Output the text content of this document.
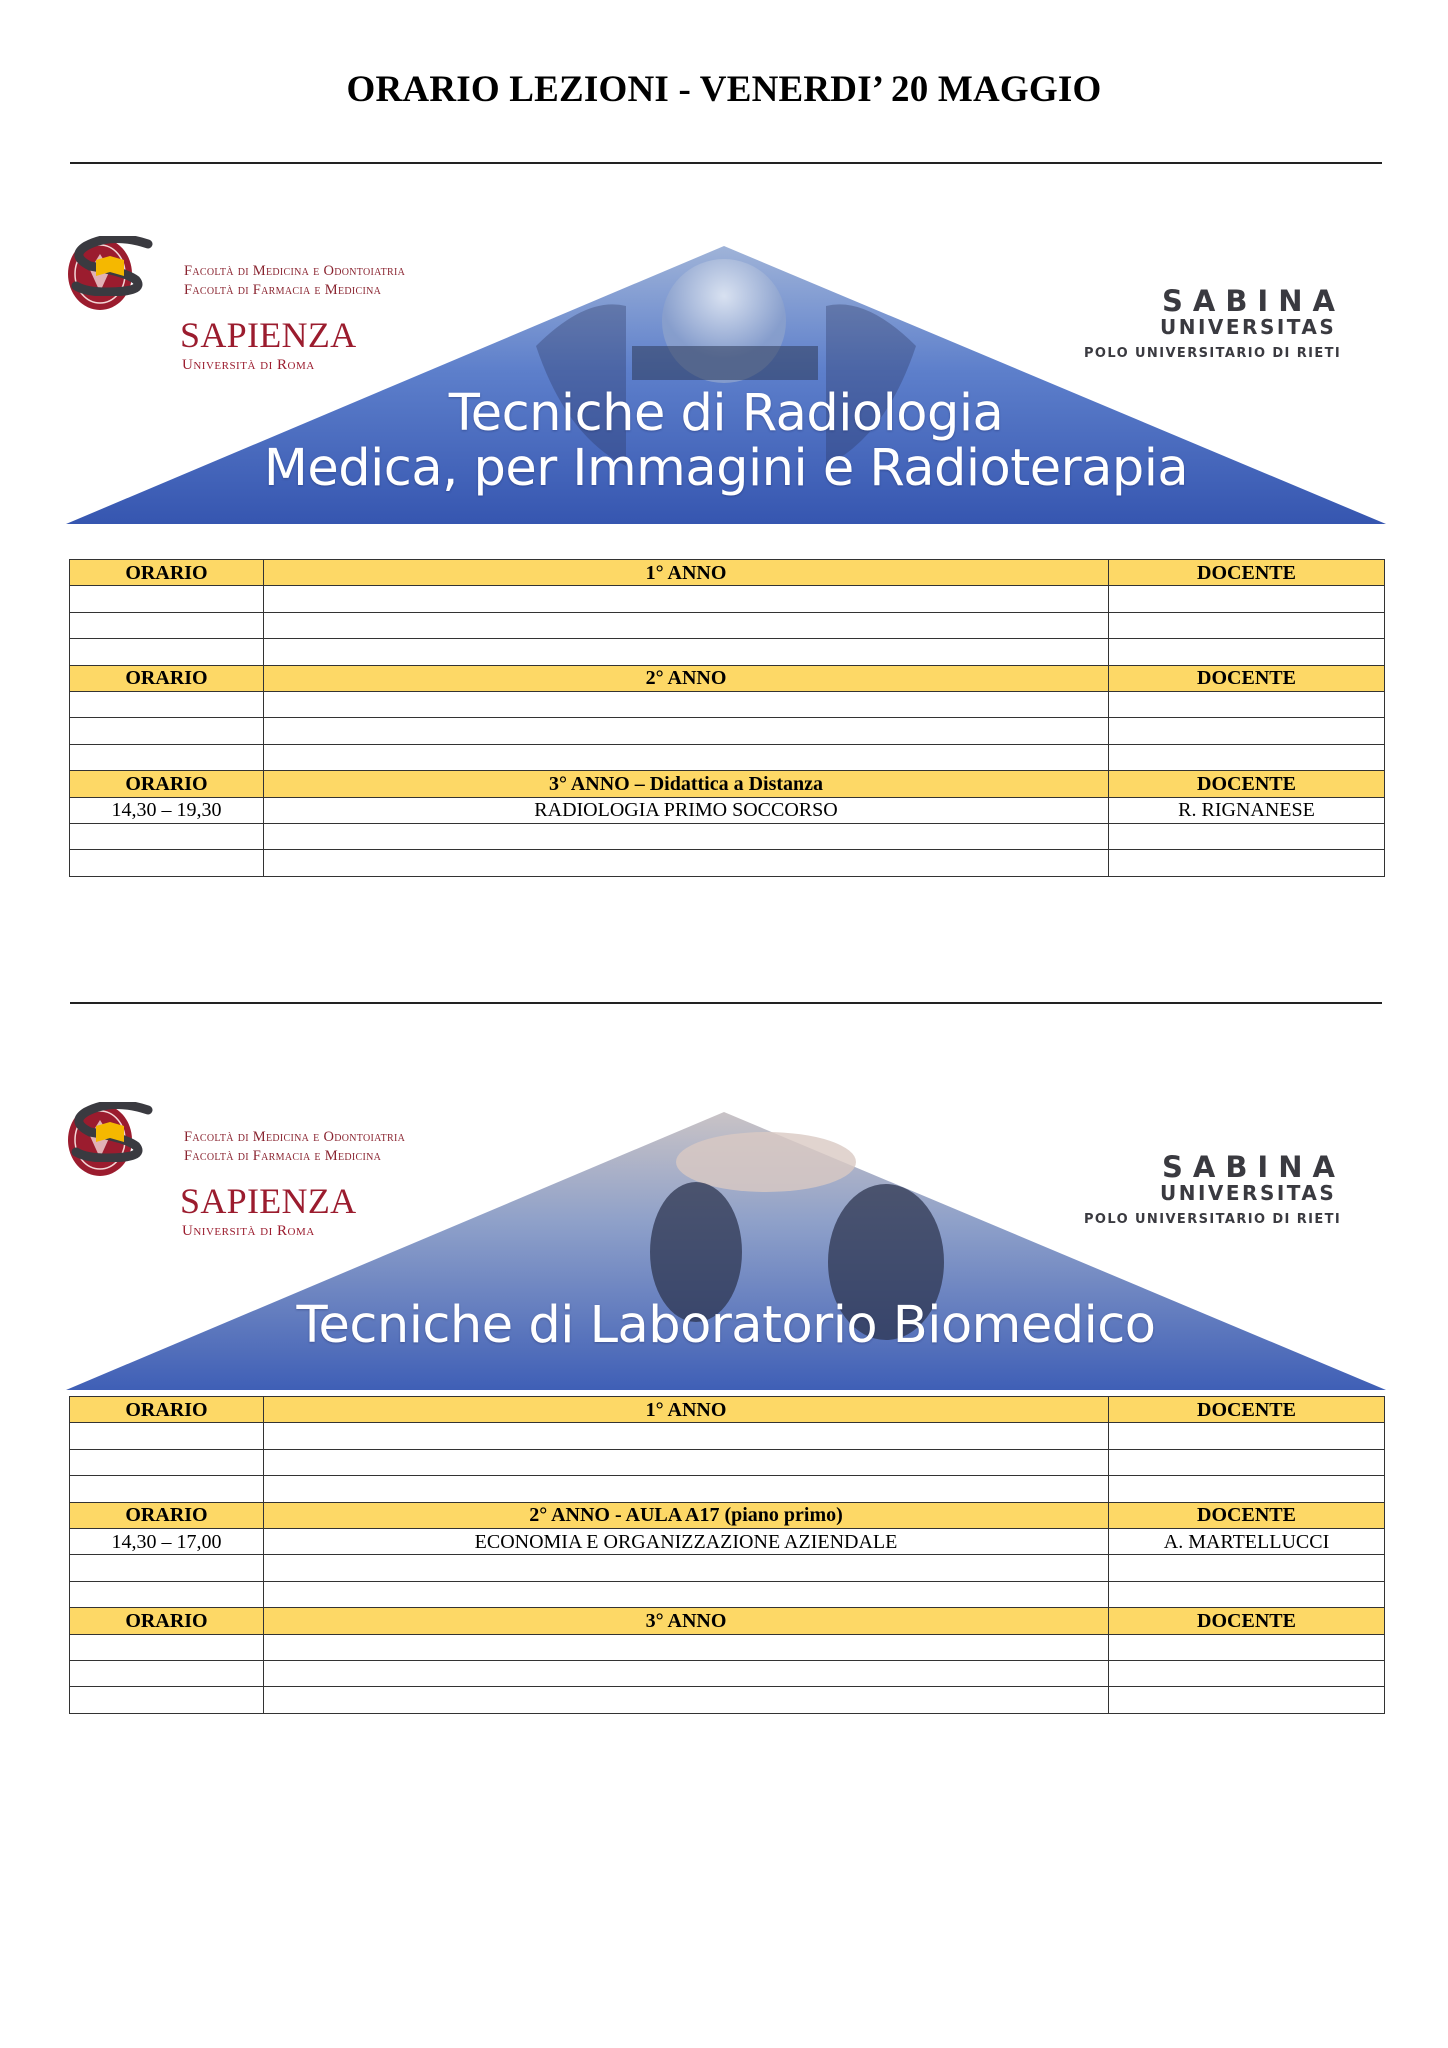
ORARIO LEZIONI - VENERDI’ 20 MAGGIO
Facoltà di Medicina e Odontoiatria
Facoltà di Farmacia e Medicina
SAPIENZA
Università di Roma
SABINA
UNIVERSITAS
POLO UNIVERSITARIO DI RIETI
Tecniche di Radiologia
Medica, per Immagini e Radioterapia
ORARIO	1° ANNO	DOCENTE

ORARIO	2° ANNO	DOCENTE

ORARIO	3° ANNO – Didattica a Distanza	DOCENTE
14,30 – 19,30	RADIOLOGIA PRIMO SOCCORSO	R. RIGNANESE

Facoltà di Medicina e Odontoiatria
Facoltà di Farmacia e Medicina
SAPIENZA
Università di Roma
SABINA
UNIVERSITAS
POLO UNIVERSITARIO DI RIETI
Tecniche di Laboratorio Biomedico
ORARIO	1° ANNO	DOCENTE

ORARIO	2° ANNO - AULA A17 (piano primo)	DOCENTE
14,30 – 17,00	ECONOMIA E ORGANIZZAZIONE AZIENDALE	A. MARTELLUCCI

ORARIO	3° ANNO	DOCENTE
